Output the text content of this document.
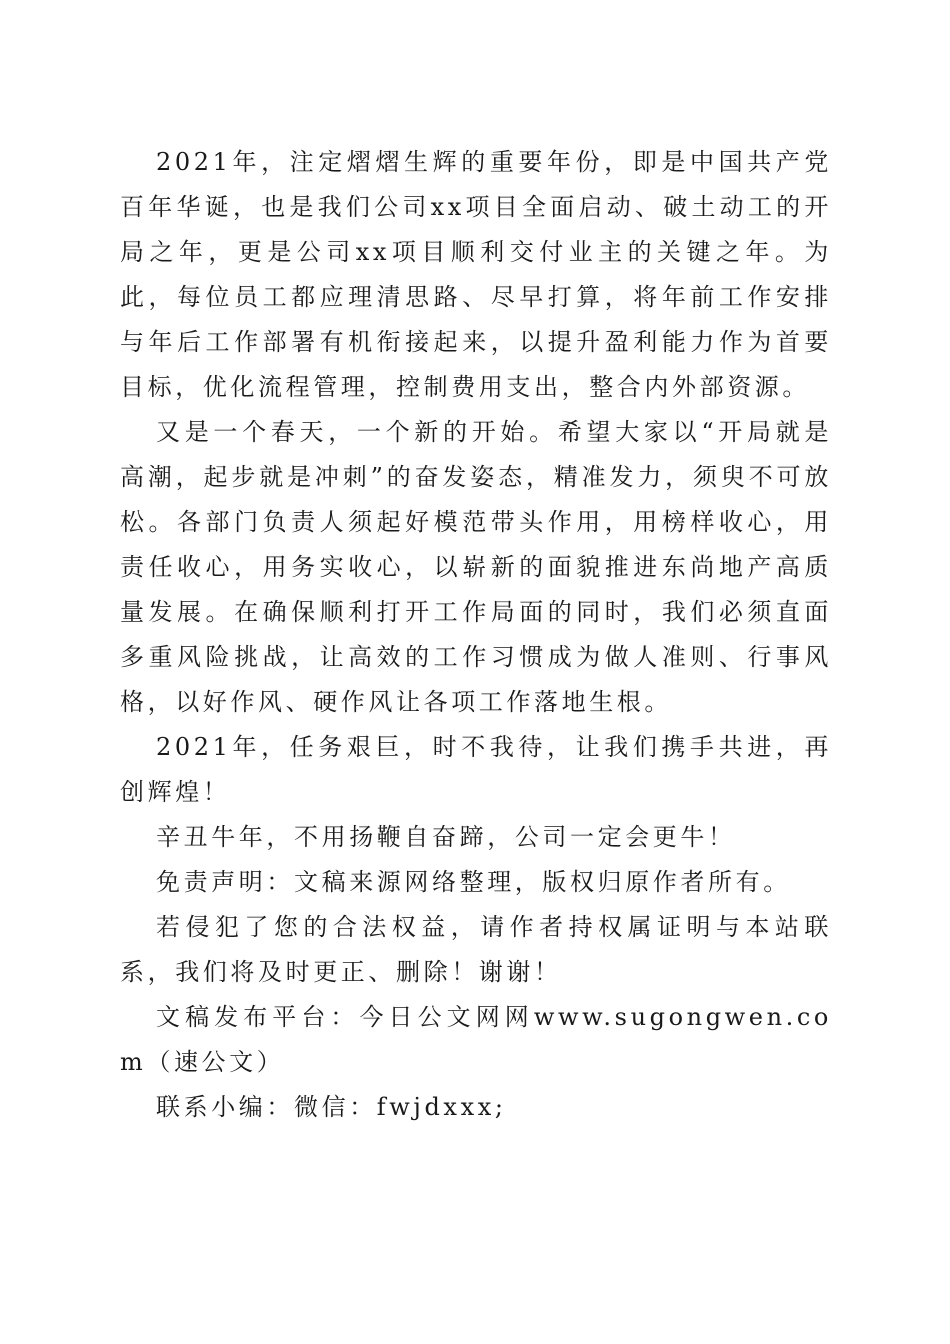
2021年，注定熠熠生辉的重要年份，即是中国共产党百年华诞，也是我们公司xx项目全面启动、破土动工的开局之年，更是公司xx项目顺利交付业主的关键之年。为此，每位员工都应理清思路、尽早打算，将年前工作安排与年后工作部署有机衔接起来，以提升盈利能力作为首要目标，优化流程管理，控制费用支出，整合内外部资源。

又是一个春天，一个新的开始。希望大家以“开局就是高潮，起步就是冲刺”的奋发姿态，精准发力，须臾不可放松。各部门负责人须起好模范带头作用，用榜样收心，用责任收心，用务实收心，以崭新的面貌推进东尚地产高质量发展。在确保顺利打开工作局面的同时，我们必须直面多重风险挑战，让高效的工作习惯成为做人准则、行事风格，以好作风、硬作风让各项工作落地生根。

2021年，任务艰巨，时不我待，让我们携手共进，再创辉煌！

辛丑牛年，不用扬鞭自奋蹄，公司一定会更牛！

免责声明：文稿来源网络整理，版权归原作者所有。

若侵犯了您的合法权益，请作者持权属证明与本站联系，我们将及时更正、删除！谢谢！

文稿发布平台：今日公文网网www.sugongwen.com（速公文）

联系小编：微信：fwjdxxx;
